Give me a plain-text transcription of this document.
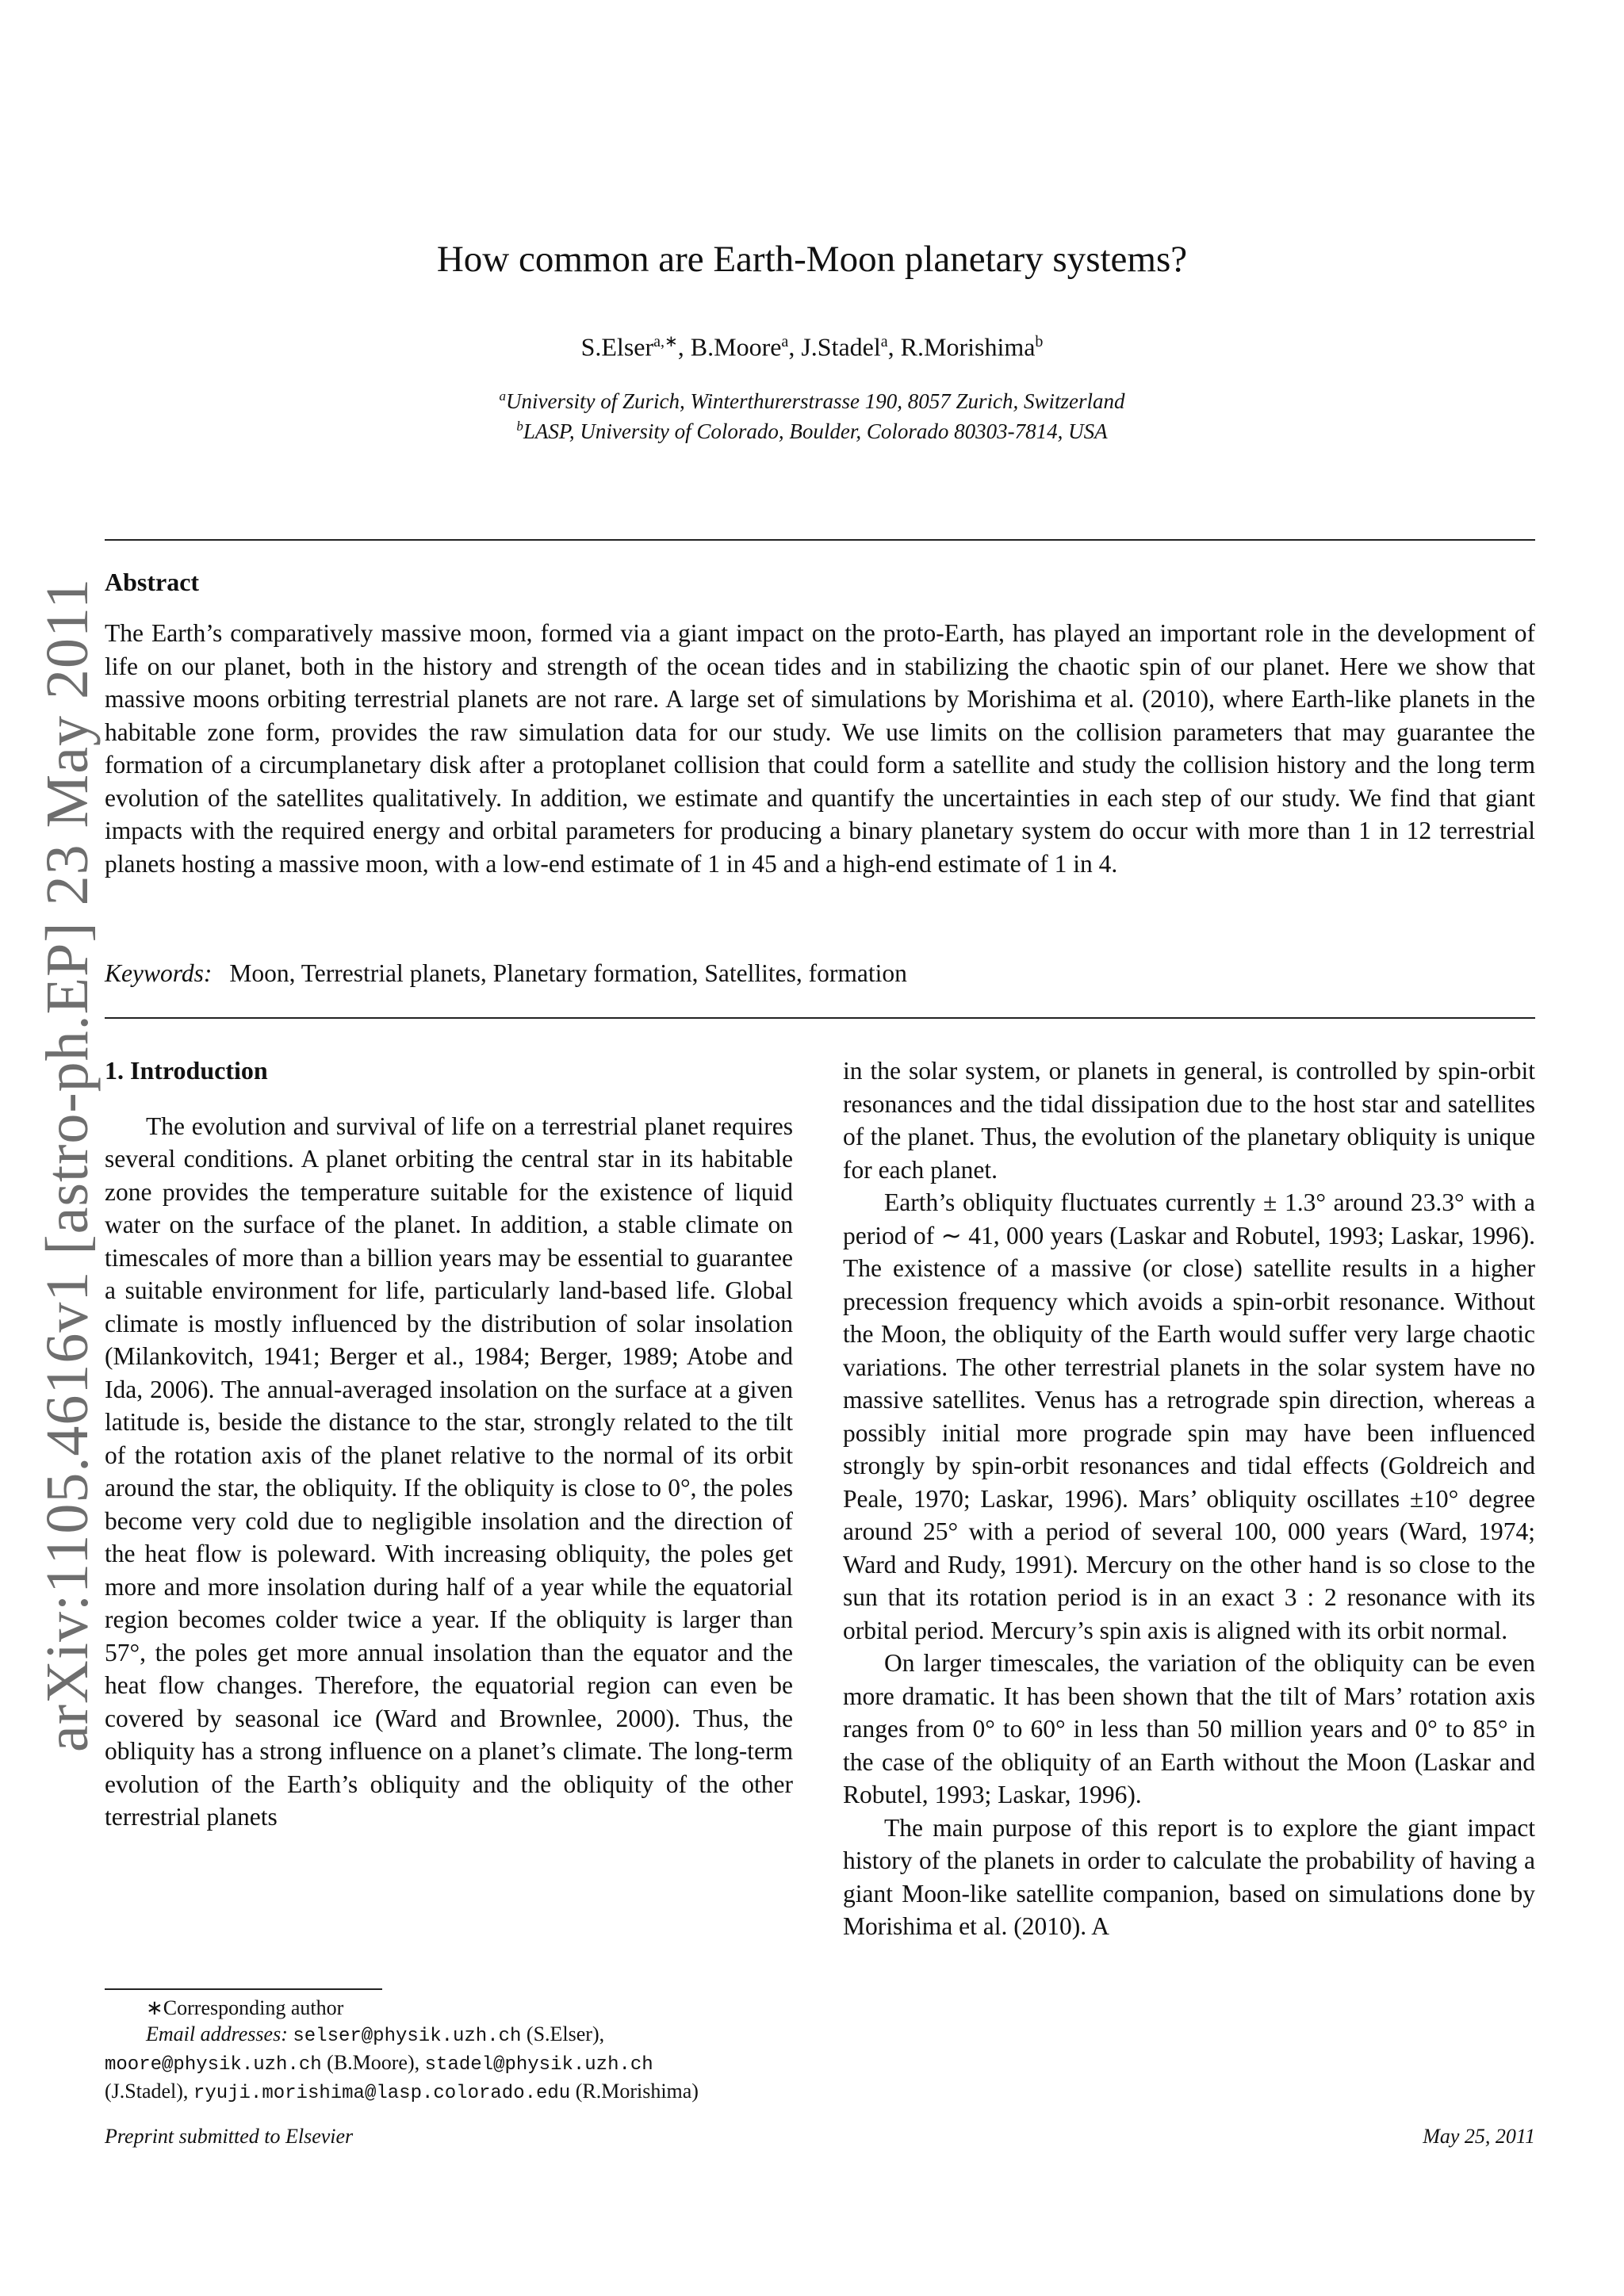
arXiv:1105.4616v1 [astro-ph.EP] 23 May 2011
How common are Earth-Moon planetary systems?
S.Elser$^{a,∗}$, B.Moore$^a$, J.Stadel$^a$, R.Morishima$^b$
$^a$University of Zurich, Winterthurerstrasse 190, 8057 Zurich, Switzerland
$^b$LASP, University of Colorado, Boulder, Colorado 80303-7814, USA
Abstract
The Earth’s comparatively massive moon, formed via a giant impact on the proto-Earth, has played an important role in the development of life on our planet, both in the history and strength of the ocean tides and in stabilizing the chaotic spin of our planet. Here we show that massive moons orbiting terrestrial planets are not rare. A large set of simulations by Morishima et al. (2010), where Earth-like planets in the habitable zone form, provides the raw simulation data for our study. We use limits on the collision parameters that may guarantee the formation of a circumplanetary disk after a protoplanet collision that could form a satellite and study the collision history and the long term evolution of the satellites qualitatively. In addition, we estimate and quantify the uncertainties in each step of our study. We find that giant impacts with the required energy and orbital parameters for producing a binary planetary system do occur with more than 1 in 12 terrestrial planets hosting a massive moon, with a low-end estimate of 1 in 45 and a high-end estimate of 1 in 4.
Keywords: Moon, Terrestrial planets, Planetary formation, Satellites, formation
1. Introduction

The evolution and survival of life on a terrestrial planet requires several conditions. A planet orbiting the central star in its habitable zone provides the temperature suitable for the existence of liquid water on the surface of the planet. In addition, a stable climate on timescales of more than a billion years may be essential to guarantee a suitable environment for life, particularly land-based life. Global climate is mostly influenced by the distribution of solar insolation (Milankovitch, 1941; Berger et al., 1984; Berger, 1989; Atobe and Ida, 2006). The annual-averaged insolation on the surface at a given latitude is, beside the distance to the star, strongly related to the tilt of the rotation axis of the planet relative to the normal of its orbit around the star, the obliquity. If the obliquity is close to 0°, the poles become very cold due to negligible insolation and the direction of the heat flow is poleward. With increasing obliquity, the poles get more and more insolation during half of a year while the equatorial region becomes colder twice a year. If the obliquity is larger than 57°, the poles get more annual insolation than the equator and the heat flow changes. Therefore, the equatorial region can even be covered by seasonal ice (Ward and Brownlee, 2000). Thus, the obliquity has a strong influence on a planet’s climate. The long-term evolution of the Earth’s obliquity and the obliquity of the other terrestrial planets

in the solar system, or planets in general, is controlled by spin-orbit resonances and the tidal dissipation due to the host star and satellites of the planet. Thus, the evolution of the planetary obliquity is unique for each planet.

Earth’s obliquity fluctuates currently ± 1.3° around 23.3° with a period of ∼ 41, 000 years (Laskar and Robutel, 1993; Laskar, 1996). The existence of a massive (or close) satellite results in a higher precession frequency which avoids a spin-orbit resonance. Without the Moon, the obliquity of the Earth would suffer very large chaotic variations. The other terrestrial planets in the solar system have no massive satellites. Venus has a retrograde spin direction, whereas a possibly initial more prograde spin may have been influenced strongly by spin-orbit resonances and tidal effects (Goldreich and Peale, 1970; Laskar, 1996). Mars’ obliquity oscillates ±10° degree around 25° with a period of several 100, 000 years (Ward, 1974; Ward and Rudy, 1991). Mercury on the other hand is so close to the sun that its rotation period is in an exact 3 : 2 resonance with its orbital period. Mercury’s spin axis is aligned with its orbit normal.

On larger timescales, the variation of the obliquity can be even more dramatic. It has been shown that the tilt of Mars’ rotation axis ranges from 0° to 60° in less than 50 million years and 0° to 85° in the case of the obliquity of an Earth without the Moon (Laskar and Robutel, 1993; Laskar, 1996).

The main purpose of this report is to explore the giant impact history of the planets in order to calculate the probability of having a giant Moon-like satellite companion, based on simulations done by Morishima et al. (2010). A

∗Corresponding author
Email addresses: selser@physik.uzh.ch (S.Elser),
moore@physik.uzh.ch (B.Moore), stadel@physik.uzh.ch
(J.Stadel), ryuji.morishima@lasp.colorado.edu (R.Morishima)
Preprint submitted to Elsevier	May 25, 2011
